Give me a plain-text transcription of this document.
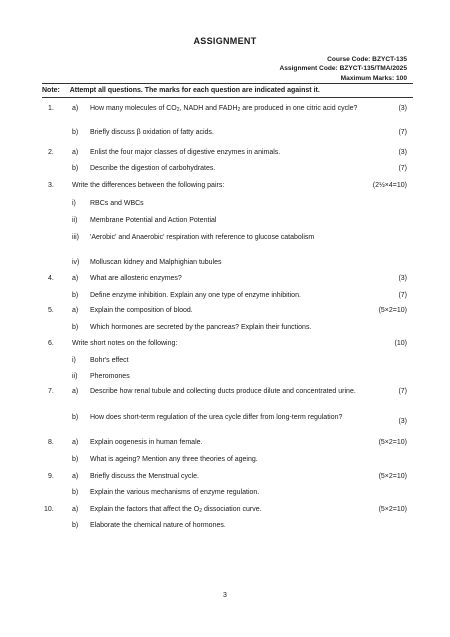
ASSIGNMENT
Course Code: BZYCT-135
Assignment Code: BZYCT-135/TMA/2025
Maximum Marks: 100
Note: Attempt all questions. The marks for each question are indicated against it.
1.	a) How many molecules of $CO_2$, NADH and $FADH_2$ are produced in one citric acid cycle?	(3)
b) Briefly discuss β oxidation of fatty acids.	(7)
2.	a) Enlist the four major classes of digestive enzymes in animals.	(3)
b) Describe the digestion of carbohydrates.	(7)
3.	Write the differences between the following pairs:	(2½×4=10)
i) RBCs and WBCs
ii) Membrane Potential and Action Potential
iii) 'Aerobic' and Anaerobic' respiration with reference to glucose catabolism
iv) Molluscan kidney and Malphighian tubules
4.	a) What are allosteric enzymes?	(3)
b) Define enzyme inhibition. Explain any one type of enzyme inhibition.	(7)
5.	a) Explain the composition of blood.	(5×2=10)
b) Which hormones are secreted by the pancreas? Explain their functions.
6.	Write short notes on the following:	(10)
i) Bohr's effect
ii) Pheromones
7.	a) Describe how renal tubule and collecting ducts produce dilute and concentrated urine.	(7)
b) How does short-term regulation of the urea cycle differ from long-term regulation?
(3)
8.	a) Explain oogenesis in human female.	(5×2=10)
b) What is ageing? Mention any three theories of ageing.
9.	a) Briefly discuss the Menstrual cycle.	(5×2=10)
b) Explain the various mechanisms of enzyme regulation.
10.	a) Explain the factors that affect the $O_2$ dissociation curve.	(5×2=10)
b) Elaborate the chemical nature of hormones.
3
